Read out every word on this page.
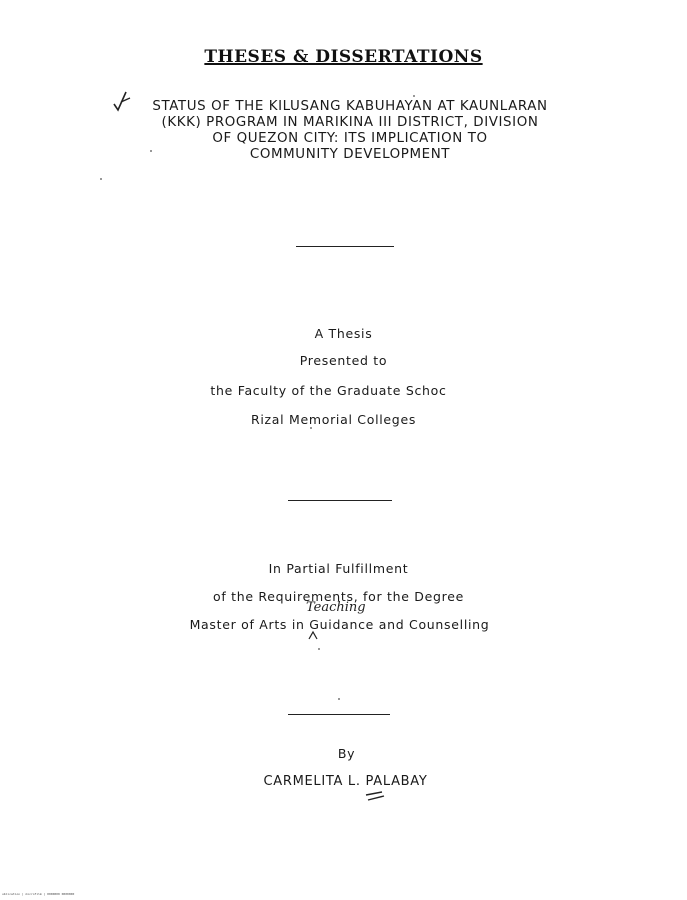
THESES & DISSERTATIONS
STATUS OF THE KILUSANG KABUHAYAN AT KAUNLARAN
(KKK) PROGRAM IN MARIKINA III DISTRICT, DIVISION
OF QUEZON CITY: ITS IMPLICATION TO
COMMUNITY DEVELOPMENT
A Thesis
Presented to
the Faculty of the Graduate Schoc
Rizal Memorial Colleges
In Partial Fulfillment
of the Requirements, for the Degree
Teaching
Master of Arts in Guidance and Counselling
By
CARMELITA L. PALABAY
ublication | microfilm | 0000000 0000000
